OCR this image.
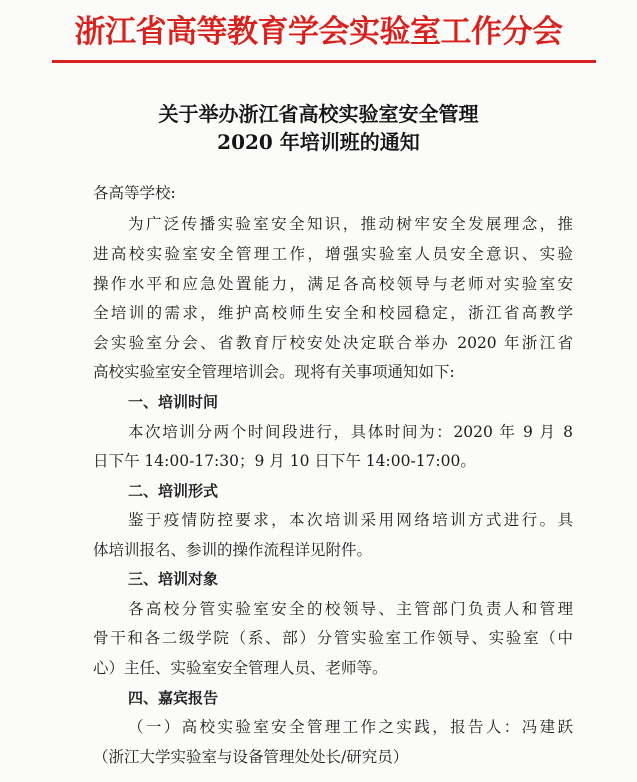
浙江省高等教育学会实验室工作分会
关于举办浙江省高校实验室安全管理
2020 年培训班的通知
各高等学校:
为广泛传播实验室安全知识，推动树牢安全发展理念，推
进高校实验室安全管理工作，增强实验室人员安全意识、实验
操作水平和应急处置能力，满足各高校领导与老师对实验室安
全培训的需求，维护高校师生安全和校园稳定，浙江省高教学
会实验室分会、省教育厅校安处决定联合举办 2020 年浙江省
高校实验室安全管理培训会。现将有关事项通知如下:
一、培训时间
本次培训分两个时间段进行，具体时间为：2020 年 9 月 8
日下午 14:00-17:30；9 月 10 日下午 14:00-17:00。
二、培训形式
鉴于疫情防控要求，本次培训采用网络培训方式进行。具
体培训报名、参训的操作流程详见附件。
三、培训对象
各高校分管实验室安全的校领导、主管部门负责人和管理
骨干和各二级学院（系、部）分管实验室工作领导、实验室（中
心）主任、实验室安全管理人员、老师等。
四、嘉宾报告
（一）高校实验室安全管理工作之实践，报告人：冯建跃
（浙江大学实验室与设备管理处处长/研究员）
